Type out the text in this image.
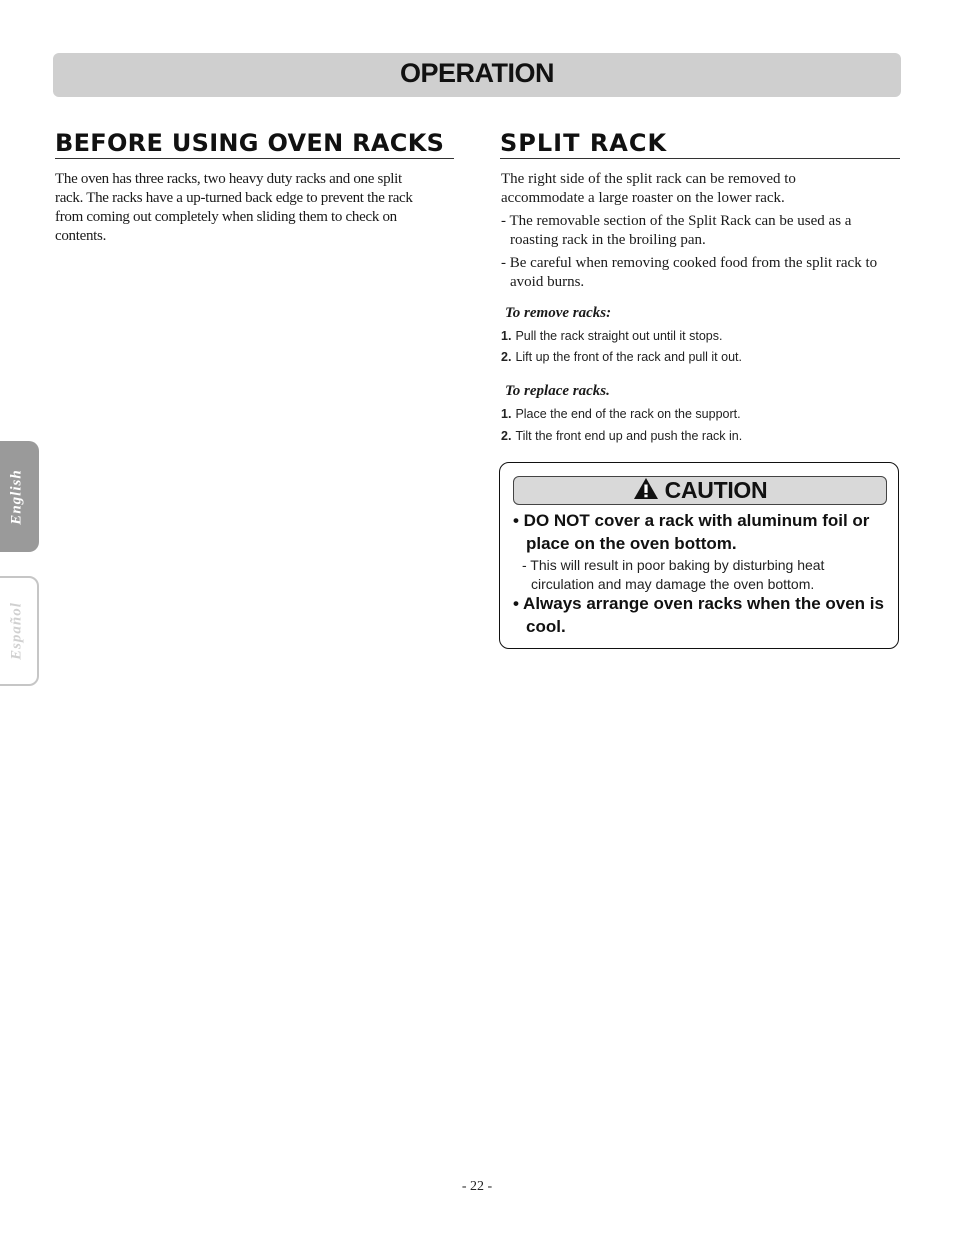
OPERATION
BEFORE USING OVEN RACKS

The oven has three racks, two heavy duty racks and one split

rack. The racks have a up-turned back edge to prevent the rack

from coming out completely when sliding them to check on

contents.

SPLIT RACK

The right side of the split rack can be removed to

accommodate a large roaster on the lower rack.

- The removable section of the Split Rack can be used as a roasting rack in the broiling pan.
- Be careful when removing cooked food from the split rack to avoid burns.

To remove racks:

1. Pull the rack straight out until it stops.

2. Lift up the front of the rack and pull it out.

To replace racks.

1. Place the end of the rack on the support.

2. Tilt the front end up and push the rack in.

CAUTION
• DO NOT cover a rack with aluminum foil or place on the oven bottom.
- This will result in poor baking by disturbing heat circulation and may damage the oven bottom.
• Always arrange oven racks when the oven is cool.
English
Español
- 22 -
